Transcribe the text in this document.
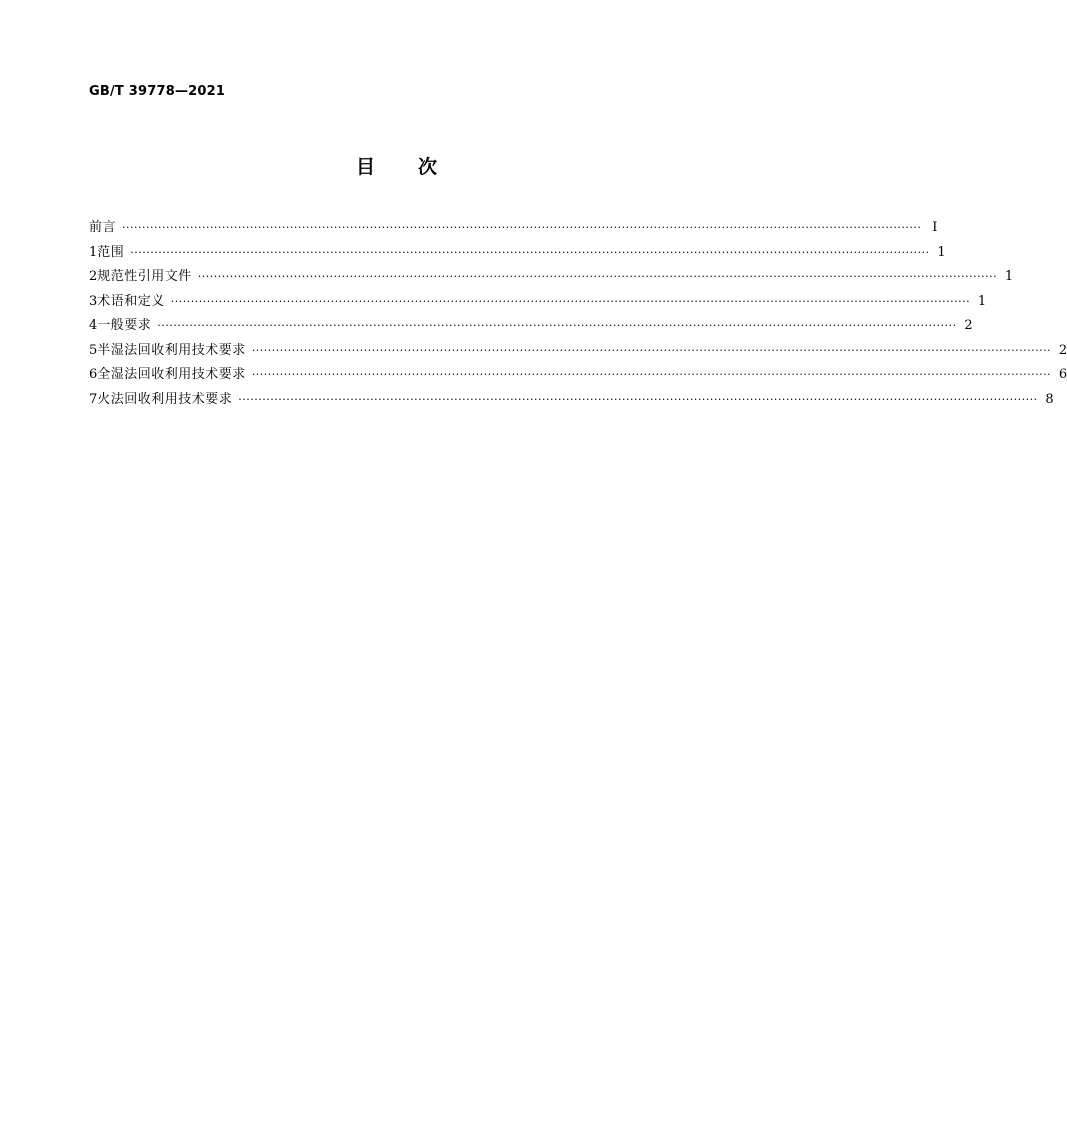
GB/T 39778—2021
目 次
前言 ········································································································································································································ Ⅰ
1 范围 ········································································································································································································ 1
2 规范性引用文件 ········································································································································································································ 1
3 术语和定义 ········································································································································································································ 1
4 一般要求 ········································································································································································································ 2
5 半湿法回收利用技术要求 ········································································································································································································ 2
6 全湿法回收利用技术要求 ········································································································································································································ 6
7 火法回收利用技术要求 ········································································································································································································ 8
